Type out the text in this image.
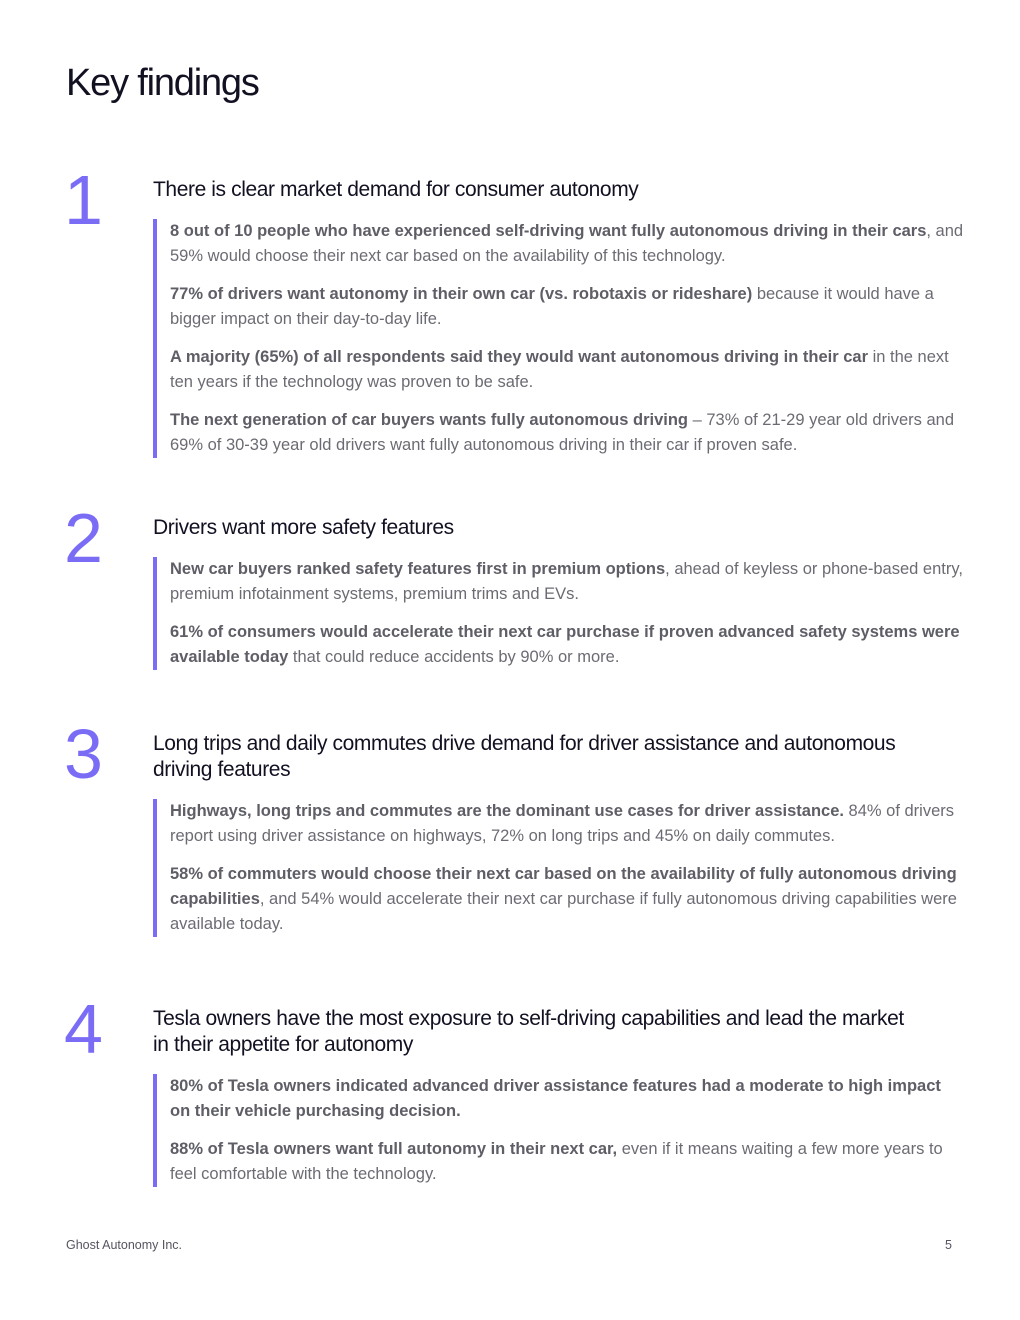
Key findings
1 There is clear market demand for consumer autonomy

8 out of 10 people who have experienced self-driving want fully autonomous driving in their cars, and 59% would choose their next car based on the availability of this technology.

77% of drivers want autonomy in their own car (vs. robotaxis or rideshare) because it would have a bigger impact on their day-to-day life.

A majority (65%) of all respondents said they would want autonomous driving in their car in the next ten years if the technology was proven to be safe.

The next generation of car buyers wants fully autonomous driving – 73% of 21-29 year old drivers and 69% of 30-39 year old drivers want fully autonomous driving in their car if proven safe.

2 Drivers want more safety features

New car buyers ranked safety features first in premium options, ahead of keyless or phone-based entry, premium infotainment systems, premium trims and EVs.

61% of consumers would accelerate their next car purchase if proven advanced safety systems were available today that could reduce accidents by 90% or more.

3 Long trips and daily commutes drive demand for driver assistance and autonomous driving features

Highways, long trips and commutes are the dominant use cases for driver assistance. 84% of drivers report using driver assistance on highways, 72% on long trips and 45% on daily commutes.

58% of commuters would choose their next car based on the availability of fully autonomous driving capabilities, and 54% would accelerate their next car purchase if fully autonomous driving capabilities were available today.

4 Tesla owners have the most exposure to self-driving capabilities and lead the market in their appetite for autonomy

80% of Tesla owners indicated advanced driver assistance features had a moderate to high impact on their vehicle purchasing decision.

88% of Tesla owners want full autonomy in their next car, even if it means waiting a few more years to feel comfortable with the technology.

Ghost Autonomy Inc.	5
